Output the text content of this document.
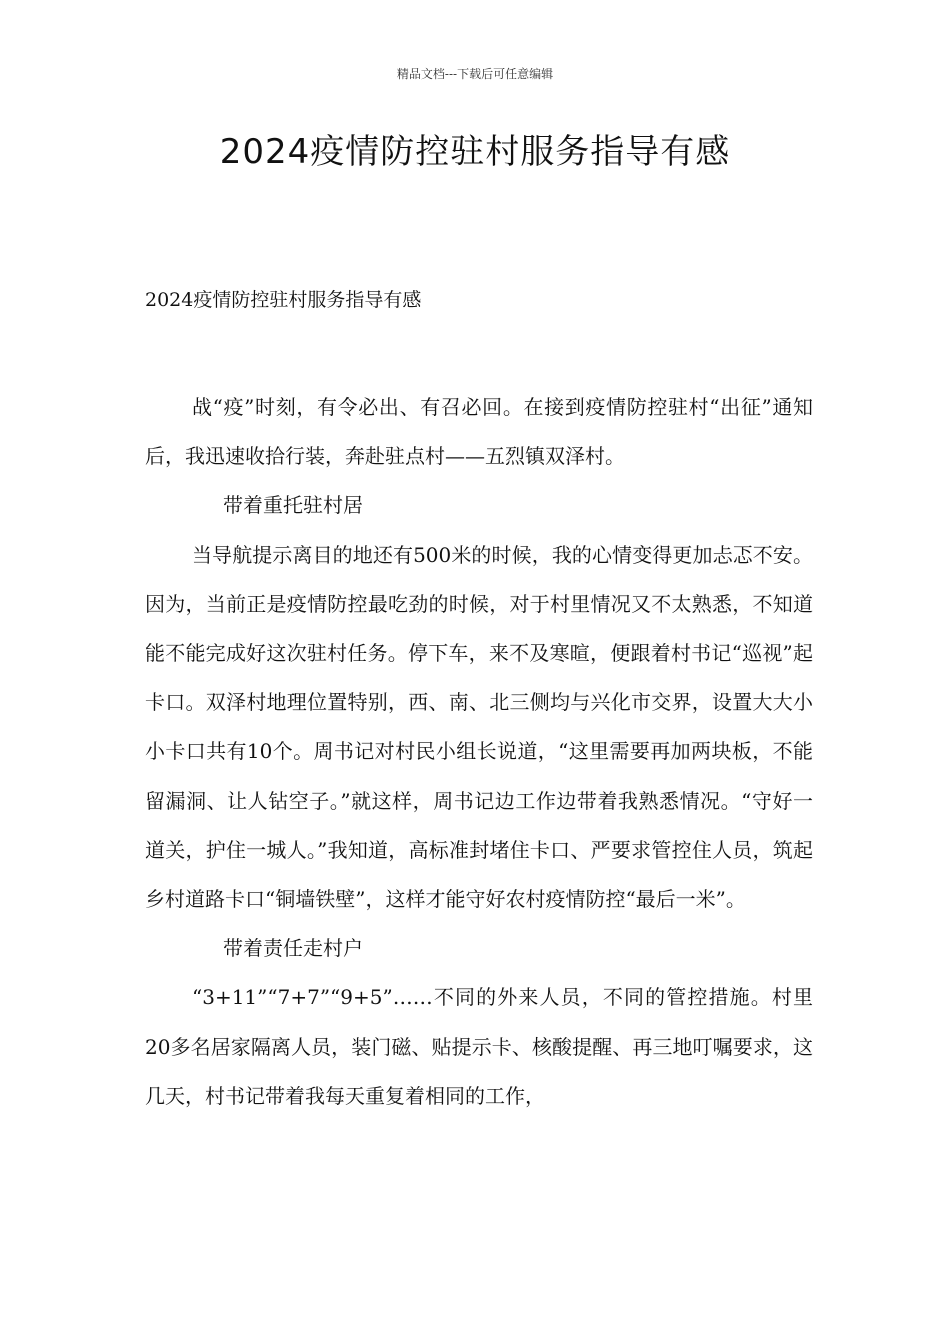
精品文档---下载后可任意编辑
2024疫情防控驻村服务指导有感
2024疫情防控驻村服务指导有感

战“疫”时刻，有令必出、有召必回。在接到疫情防控驻村“出征”通知后，我迅速收拾行装，奔赴驻点村——五烈镇双泽村。

带着重托驻村居

当导航提示离目的地还有500米的时候，我的心情变得更加忐忑不安。因为，当前正是疫情防控最吃劲的时候，对于村里情况又不太熟悉，不知道能不能完成好这次驻村任务。停下车，来不及寒暄，便跟着村书记“巡视”起卡口。双泽村地理位置特别，西、南、北三侧均与兴化市交界，设置大大小小卡口共有10个。周书记对村民小组长说道，“这里需要再加两块板，不能留漏洞、让人钻空子。”就这样，周书记边工作边带着我熟悉情况。“守好一道关，护住一城人。”我知道，高标准封堵住卡口、严要求管控住人员，筑起乡村道路卡口“铜墙铁壁”，这样才能守好农村疫情防控“最后一米”。

带着责任走村户

“3+11”“7+7”“9+5”……不同的外来人员，不同的管控措施。村里20多名居家隔离人员，装门磁、贴提示卡、核酸提醒、再三地叮嘱要求，这几天，村书记带着我每天重复着相同的工作，
